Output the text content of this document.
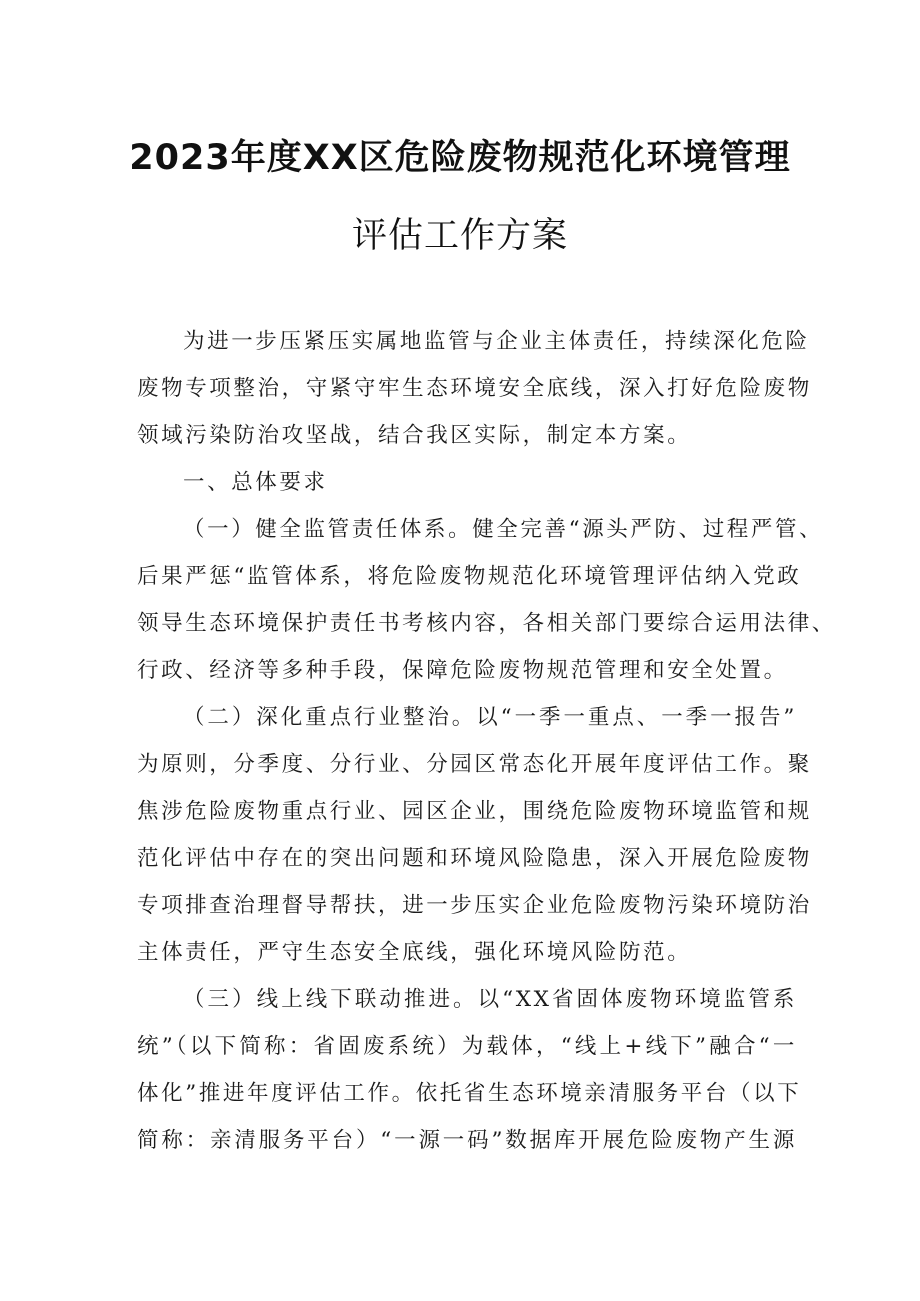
2023年度XX区危险废物规范化环境管理
评估工作方案

为进一步压紧压实属地监管与企业主体责任，持续深化危险
废物专项整治，守紧守牢生态环境安全底线，深入打好危险废物
领域污染防治攻坚战，结合我区实际，制定本方案。

一、总体要求

（一）健全监管责任体系。健全完善“源头严防、过程严管、
后果严惩“监管体系，将危险废物规范化环境管理评估纳入党政
领导生态环境保护责任书考核内容，各相关部门要综合运用法律、
行政、经济等多种手段，保障危险废物规范管理和安全处置。

（二）深化重点行业整治。以“一季一重点、一季一报告”
为原则，分季度、分行业、分园区常态化开展年度评估工作。聚
焦涉危险废物重点行业、园区企业，围绕危险废物环境监管和规
范化评估中存在的突出问题和环境风险隐患，深入开展危险废物
专项排查治理督导帮扶，进一步压实企业危险废物污染环境防治
主体责任，严守生态安全底线，强化环境风险防范。

（三）线上线下联动推进。以“XX省固体废物环境监管系
统”（以下简称：省固废系统）为载体，“线上+线下”融合“一
体化”推进年度评估工作。依托省生态环境亲清服务平台（以下
简称：亲清服务平台）“一源一码”数据库开展危险废物产生源
